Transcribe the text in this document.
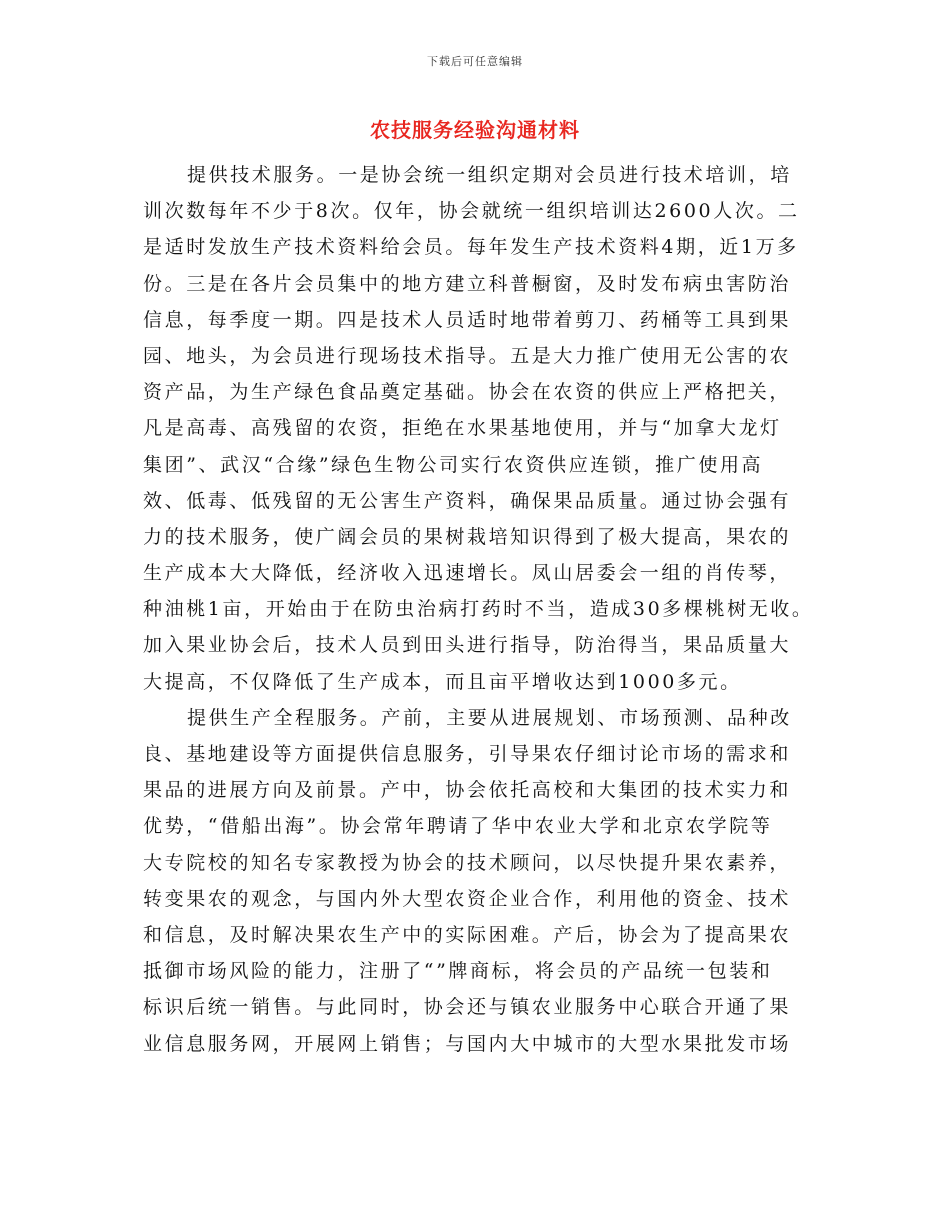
下载后可任意编辑
农技服务经验沟通材料
提供技术服务。一是协会统一组织定期对会员进行技术培训，培
训次数每年不少于8次。仅年，协会就统一组织培训达2600人次。二
是适时发放生产技术资料给会员。每年发生产技术资料4期，近1万多
份。三是在各片会员集中的地方建立科普橱窗，及时发布病虫害防治
信息，每季度一期。四是技术人员适时地带着剪刀、药桶等工具到果
园、地头，为会员进行现场技术指导。五是大力推广使用无公害的农
资产品，为生产绿色食品奠定基础。协会在农资的供应上严格把关，
凡是高毒、高残留的农资，拒绝在水果基地使用，并与“加拿大龙灯
集团”、武汉“合缘”绿色生物公司实行农资供应连锁，推广使用高
效、低毒、低残留的无公害生产资料，确保果品质量。通过协会强有
力的技术服务，使广阔会员的果树栽培知识得到了极大提高，果农的
生产成本大大降低，经济收入迅速增长。凤山居委会一组的肖传琴，
种油桃1亩，开始由于在防虫治病打药时不当，造成30多棵桃树无收。
加入果业协会后，技术人员到田头进行指导，防治得当，果品质量大
大提高，不仅降低了生产成本，而且亩平增收达到1000多元。
提供生产全程服务。产前，主要从进展规划、市场预测、品种改
良、基地建设等方面提供信息服务，引导果农仔细讨论市场的需求和
果品的进展方向及前景。产中，协会依托高校和大集团的技术实力和
优势，“借船出海”。协会常年聘请了华中农业大学和北京农学院等
大专院校的知名专家教授为协会的技术顾问，以尽快提升果农素养，
转变果农的观念，与国内外大型农资企业合作，利用他的资金、技术
和信息，及时解决果农生产中的实际困难。产后，协会为了提高果农
抵御市场风险的能力，注册了“”牌商标，将会员的产品统一包装和
标识后统一销售。与此同时，协会还与镇农业服务中心联合开通了果
业信息服务网，开展网上销售；与国内大中城市的大型水果批发市场
